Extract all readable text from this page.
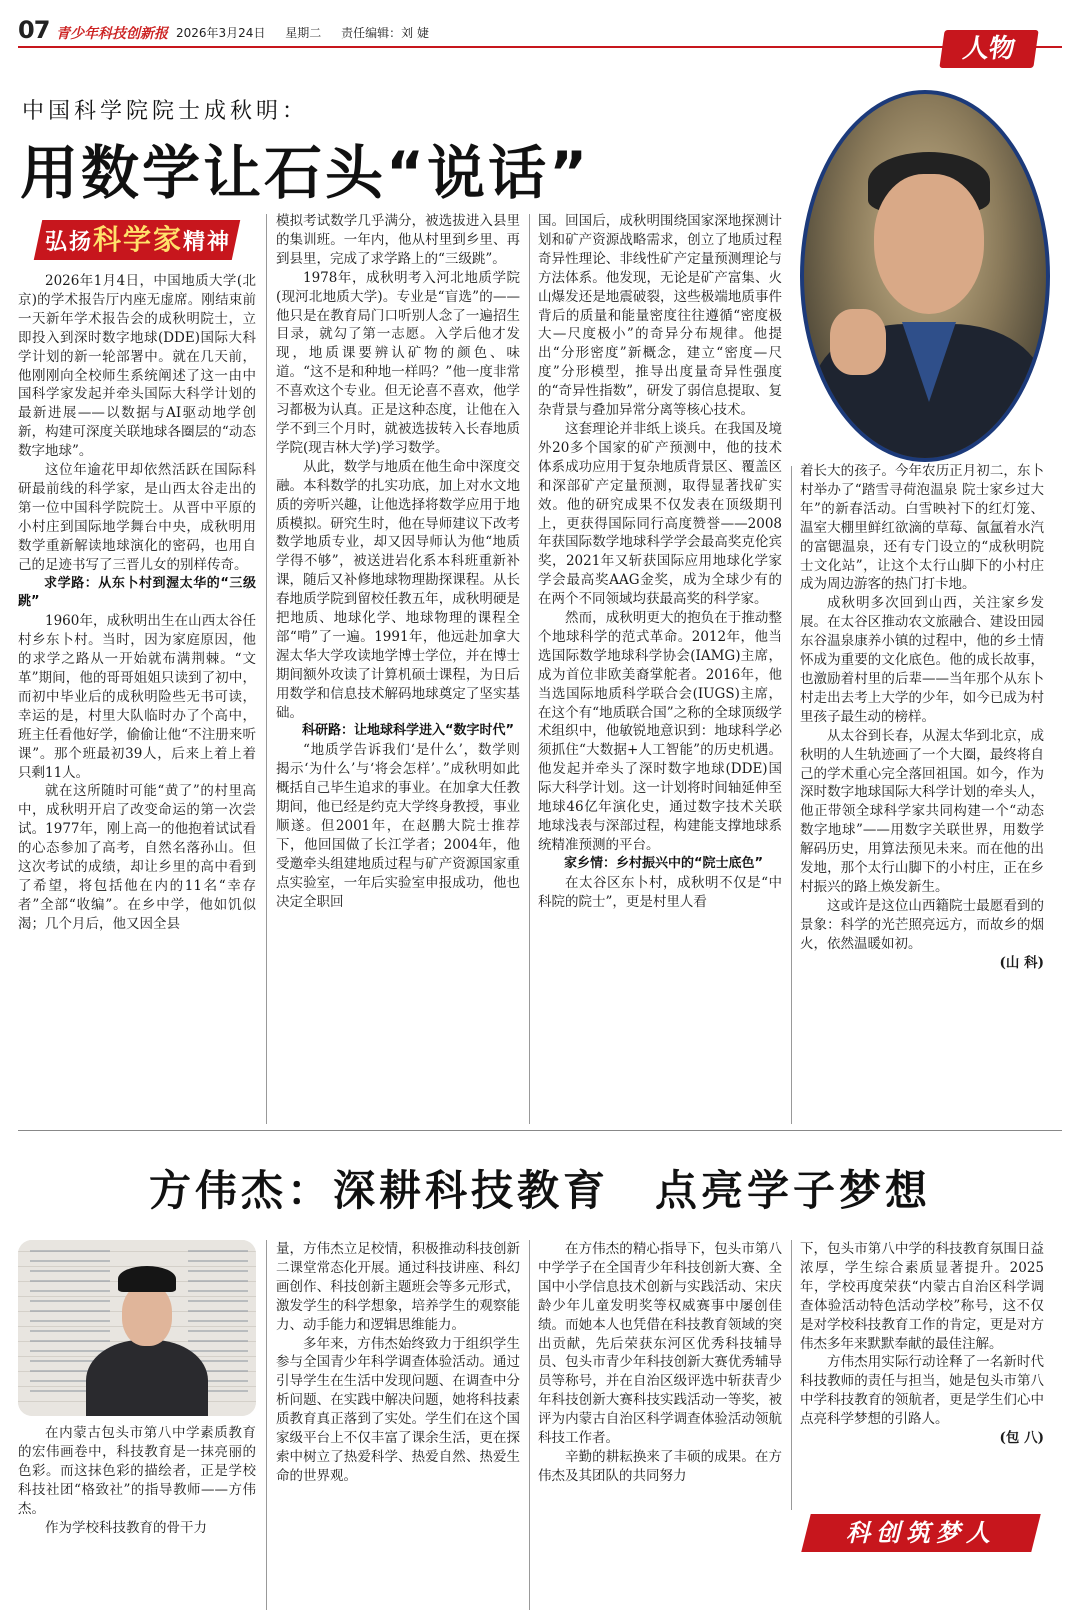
07 青少年科技创新报 2026年3月24日 星期二 责任编辑：刘 婕
人物
中国科学院院士成秋明：
用数学让石头“说话”
弘扬科学家精神

2026年1月4日，中国地质大学(北京)的学术报告厅内座无虚席。刚结束前一天新年学术报告会的成秋明院士，立即投入到深时数字地球(DDE)国际大科学计划的新一轮部署中。就在几天前，他刚刚向全校师生系统阐述了这一由中国科学家发起并牵头国际大科学计划的最新进展——以数据与AI驱动地学创新，构建可深度关联地球各圈层的“动态数字地球”。

这位年逾花甲却依然活跃在国际科研最前线的科学家，是山西太谷走出的第一位中国科学院院士。从晋中平原的小村庄到国际地学舞台中央，成秋明用数学重新解读地球演化的密码，也用自己的足迹书写了三晋儿女的别样传奇。

求学路：从东卜村到渥太华的“三级跳”

1960年，成秋明出生在山西太谷任村乡东卜村。当时，因为家庭原因，他的求学之路从一开始就布满荆棘。“文革”期间，他的哥哥姐姐只读到了初中，而初中毕业后的成秋明险些无书可读，幸运的是，村里大队临时办了个高中，班主任看他好学，偷偷让他“不注册来听课”。那个班最初39人，后来上着上着只剩11人。

就在这所随时可能“黄了”的村里高中，成秋明开启了改变命运的第一次尝试。1977年，刚上高一的他抱着试试看的心态参加了高考，自然名落孙山。但这次考试的成绩，却让乡里的高中看到了希望，将包括他在内的11名“幸存者”全部“收编”。在乡中学，他如饥似渴；几个月后，他又因全县

模拟考试数学几乎满分，被选拔进入县里的集训班。一年内，他从村里到乡里、再到县里，完成了求学路上的“三级跳”。

1978年，成秋明考入河北地质学院(现河北地质大学)。专业是“盲选”的——他只是在教育局门口听别人念了一遍招生目录，就勾了第一志愿。入学后他才发现，地质课要辨认矿物的颜色、味道。“这不是和种地一样吗？”他一度非常不喜欢这个专业。但无论喜不喜欢，他学习都极为认真。正是这种态度，让他在入学不到三个月时，就被选拔转入长春地质学院(现吉林大学)学习数学。

从此，数学与地质在他生命中深度交融。本科数学的扎实功底，加上对水文地质的旁听兴趣，让他选择将数学应用于地质模拟。研究生时，他在导师建议下改考数学地质专业，却又因导师认为他“地质学得不够”，被送进岩化系本科班重新补课，随后又补修地球物理勘探课程。从长春地质学院到留校任教五年，成秋明硬是把地质、地球化学、地球物理的课程全部“啃”了一遍。1991年，他远赴加拿大渥太华大学攻读地学博士学位，并在博士期间额外攻读了计算机硕士课程，为日后用数学和信息技术解码地球奠定了坚实基础。

科研路：让地球科学进入“数字时代”

“地质学告诉我们‘是什么’，数学则揭示‘为什么’与‘将会怎样’。”成秋明如此概括自己毕生追求的事业。在加拿大任教期间，他已经是约克大学终身教授，事业顺遂。但2001年，在赵鹏大院士推荐下，他回国做了长江学者；2004年，他受邀牵头组建地质过程与矿产资源国家重点实验室，一年后实验室申报成功，他也决定全职回

国。回国后，成秋明围绕国家深地探测计划和矿产资源战略需求，创立了地质过程奇异性理论、非线性矿产定量预测理论与方法体系。他发现，无论是矿产富集、火山爆发还是地震破裂，这些极端地质事件背后的质量和能量密度往往遵循“密度极大—尺度极小”的奇异分布规律。他提出“分形密度”新概念，建立“密度—尺度”分形模型，推导出度量奇异性强度的“奇异性指数”，研发了弱信息提取、复杂背景与叠加异常分离等核心技术。

这套理论并非纸上谈兵。在我国及境外20多个国家的矿产预测中，他的技术体系成功应用于复杂地质背景区、覆盖区和深部矿产定量预测，取得显著找矿实效。他的研究成果不仅发表在顶级期刊上，更获得国际同行高度赞誉——2008年获国际数学地球科学学会最高奖克伦宾奖，2021年又斩获国际应用地球化学家学会最高奖AAG金奖，成为全球少有的在两个不同领域均获最高奖的科学家。

然而，成秋明更大的抱负在于推动整个地球科学的范式革命。2012年，他当选国际数学地球科学协会(IAMG)主席，成为首位非欧美裔掌舵者。2016年，他当选国际地质科学联合会(IUGS)主席，在这个有“地质联合国”之称的全球顶级学术组织中，他敏锐地意识到：地球科学必须抓住“大数据+人工智能”的历史机遇。他发起并牵头了深时数字地球(DDE)国际大科学计划。这一计划将时间轴延伸至地球46亿年演化史，通过数字技术关联地球浅表与深部过程，构建能支撑地球系统精准预测的平台。

家乡情：乡村振兴中的“院士底色”

在太谷区东卜村，成秋明不仅是“中科院的院士”，更是村里人看

着长大的孩子。今年农历正月初二，东卜村举办了“踏雪寻荷泡温泉 院士家乡过大年”的新春活动。白雪映衬下的红灯笼、温室大棚里鲜红欲滴的草莓、氤氲着水汽的富锶温泉，还有专门设立的“成秋明院士文化站”，让这个太行山脚下的小村庄成为周边游客的热门打卡地。

成秋明多次回到山西，关注家乡发展。在太谷区推动农文旅融合、建设田园东谷温泉康养小镇的过程中，他的乡土情怀成为重要的文化底色。他的成长故事，也激励着村里的后辈——当年那个从东卜村走出去考上大学的少年，如今已成为村里孩子最生动的榜样。

从太谷到长春，从渥太华到北京，成秋明的人生轨迹画了一个大圈，最终将自己的学术重心完全落回祖国。如今，作为深时数字地球国际大科学计划的牵头人，他正带领全球科学家共同构建一个“动态数字地球”——用数字关联世界，用数学解码历史，用算法预见未来。而在他的出发地，那个太行山脚下的小村庄，正在乡村振兴的路上焕发新生。

这或许是这位山西籍院士最愿看到的景象：科学的光芒照亮远方，而故乡的烟火，依然温暖如初。

(山 科)

方伟杰：深耕科技教育　点亮学子梦想

在内蒙古包头市第八中学素质教育的宏伟画卷中，科技教育是一抹亮丽的色彩。而这抹色彩的描绘者，正是学校科技社团“格致社”的指导教师——方伟杰。

作为学校科技教育的骨干力

量，方伟杰立足校情，积极推动科技创新二课堂常态化开展。通过科技讲座、科幻画创作、科技创新主题班会等多元形式，激发学生的科学想象，培养学生的观察能力、动手能力和逻辑思维能力。

多年来，方伟杰始终致力于组织学生参与全国青少年科学调查体验活动。通过引导学生在生活中发现问题、在调查中分析问题、在实践中解决问题，她将科技素质教育真正落到了实处。学生们在这个国家级平台上不仅丰富了课余生活，更在探索中树立了热爱科学、热爱自然、热爱生命的世界观。

在方伟杰的精心指导下，包头市第八中学学子在全国青少年科技创新大赛、全国中小学信息技术创新与实践活动、宋庆龄少年儿童发明奖等权威赛事中屡创佳绩。而她本人也凭借在科技教育领域的突出贡献，先后荣获东河区优秀科技辅导员、包头市青少年科技创新大赛优秀辅导员等称号，并在自治区级评选中斩获青少年科技创新大赛科技实践活动一等奖，被评为内蒙古自治区科学调查体验活动领航科技工作者。

辛勤的耕耘换来了丰硕的成果。在方伟杰及其团队的共同努力

下，包头市第八中学的科技教育氛围日益浓厚，学生综合素质显著提升。2025年，学校再度荣获“内蒙古自治区科学调查体验活动特色活动学校”称号，这不仅是对学校科技教育工作的肯定，更是对方伟杰多年来默默奉献的最佳注解。

方伟杰用实际行动诠释了一名新时代科技教师的责任与担当，她是包头市第八中学科技教育的领航者，更是学生们心中点亮科学梦想的引路人。

(包 八)

科创筑梦人
